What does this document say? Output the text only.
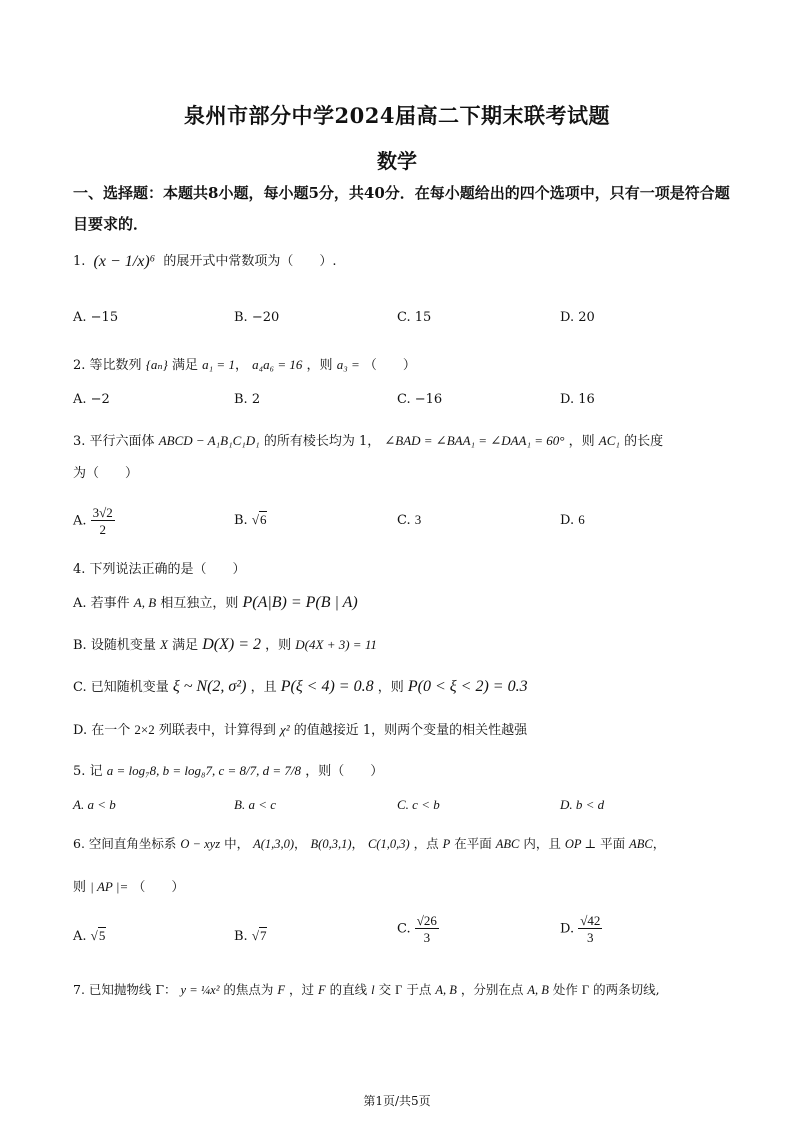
泉州市部分中学2024届高二下期末联考试题
数学
一、选择题：本题共8小题，每小题5分，共40分．在每小题给出的四个选项中，只有一项是符合题目要求的．
1. (x − 1/x)⁶ 的展开式中常数项为（　　）.
A. −15	B. −20	C. 15	D. 20
2. 等比数列 {aₙ} 满足 a₁ = 1， a₄a₆ = 16 ，则 a₃ = （　　）
A. −2	B. 2	C. −16	D. 16
3. 平行六面体 ABCD − A₁B₁C₁D₁ 的所有棱长均为 1， ∠BAD = ∠BAA₁ = ∠DAA₁ = 60° ，则 AC₁ 的长度
为（　　）
A. $\frac{3√2}{2}$	B. √6	C. 3	D. 6
4. 下列说法正确的是（　　）
A. 若事件 A, B 相互独立，则 P(A|B) = P(B | A)
B. 设随机变量 X 满足 D(X) = 2 ，则 D(4X + 3) = 11
C. 已知随机变量 ξ ~ N(2, σ²) ，且 P(ξ < 4) = 0.8 ，则 P(0 < ξ < 2) = 0.3
D. 在一个 2×2 列联表中，计算得到 χ² 的值越接近 1，则两个变量的相关性越强
5. 记 a = log₇8, b = log₈7, c = 8/7, d = 7/8 ，则（　　）
A. a < b	B. a < c	C. c < b	D. b < d
6. 空间直角坐标系 O − xyz 中， A(1,3,0)， B(0,3,1)， C(1,0,3) ，点 P 在平面 ABC 内，且 OP ⊥ 平面 ABC，
则 | AP |= （　　）
A. √5	B. √7	C. $\frac{√26}{3}$	D. $\frac{√42}{3}$
7. 已知抛物线 Γ： y = ¼x² 的焦点为 F ，过 F 的直线 l 交 Γ 于点 A, B ，分别在点 A, B 处作 Γ 的两条切线,
第1页/共5页
